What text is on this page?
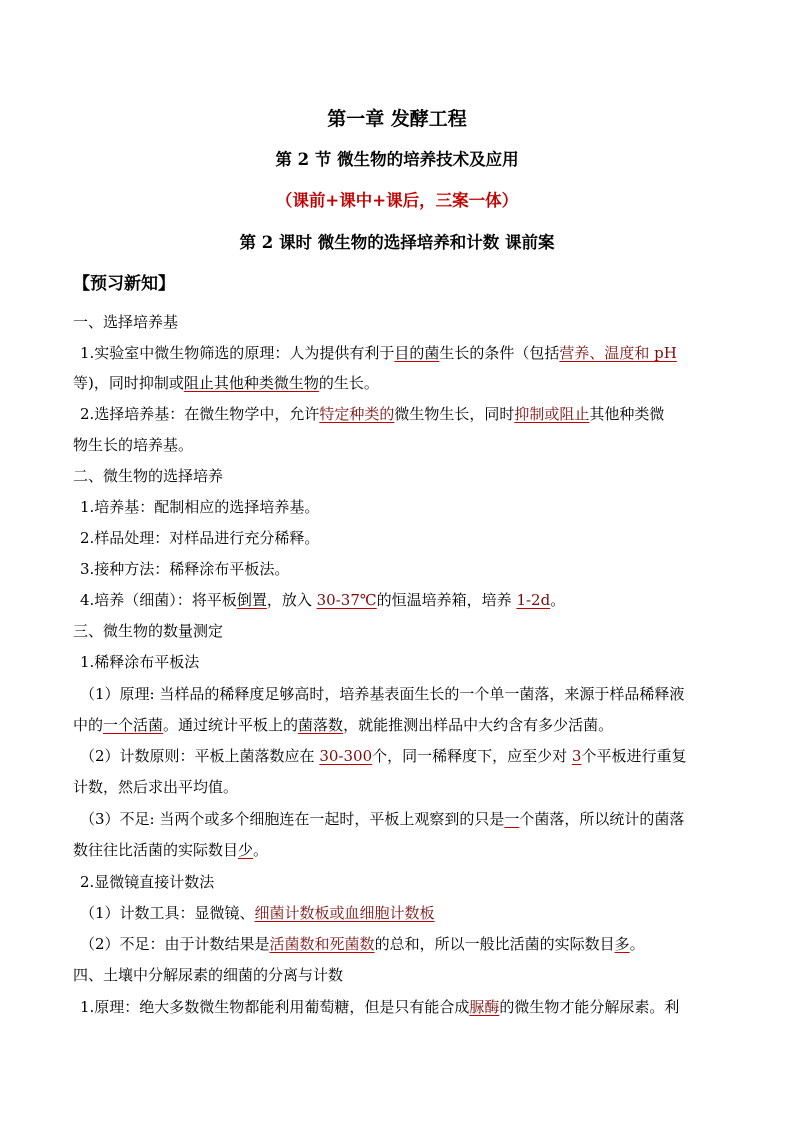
第一章 发酵工程
第 2 节 微生物的培养技术及应用
（课前+课中+课后，三案一体）
第 2 课时 微生物的选择培养和计数 课前案
【预习新知】
一、选择培养基
1.实验室中微生物筛选的原理：人为提供有利于目的菌生长的条件（包括营养、温度和 pH
等)，同时抑制或阻止其他种类微生物的生长。
2.选择培养基：在微生物学中，允许特定种类的微生物生长，同时抑制或阻止其他种类微
物生长的培养基。
二、微生物的选择培养
1.培养基：配制相应的选择培养基。
2.样品处理：对样品进行充分稀释。
3.接种方法：稀释涂布平板法。
4.培养（细菌）：将平板倒置，放入 30-37℃的恒温培养箱，培养 1-2d。
三、微生物的数量测定
1.稀释涂布平板法
（1）原理: 当样品的稀释度足够高时，培养基表面生长的一个单一菌落，来源于样品稀释液
中的一个活菌。通过统计平板上的菌落数，就能推测出样品中大约含有多少活菌。
（2）计数原则：平板上菌落数应在 30-300个，同一稀释度下，应至少对 3个平板进行重复
计数，然后求出平均值。
（3）不足: 当两个或多个细胞连在一起时，平板上观察到的只是一个菌落，所以统计的菌落
数往往比活菌的实际数目少。
2.显微镜直接计数法
（1）计数工具：显微镜、细菌计数板或血细胞计数板
（2）不足：由于计数结果是活菌数和死菌数的总和，所以一般比活菌的实际数目多。
四、土壤中分解尿素的细菌的分离与计数
1.原理：绝大多数微生物都能利用葡萄糖，但是只有能合成脲酶的微生物才能分解尿素。利
